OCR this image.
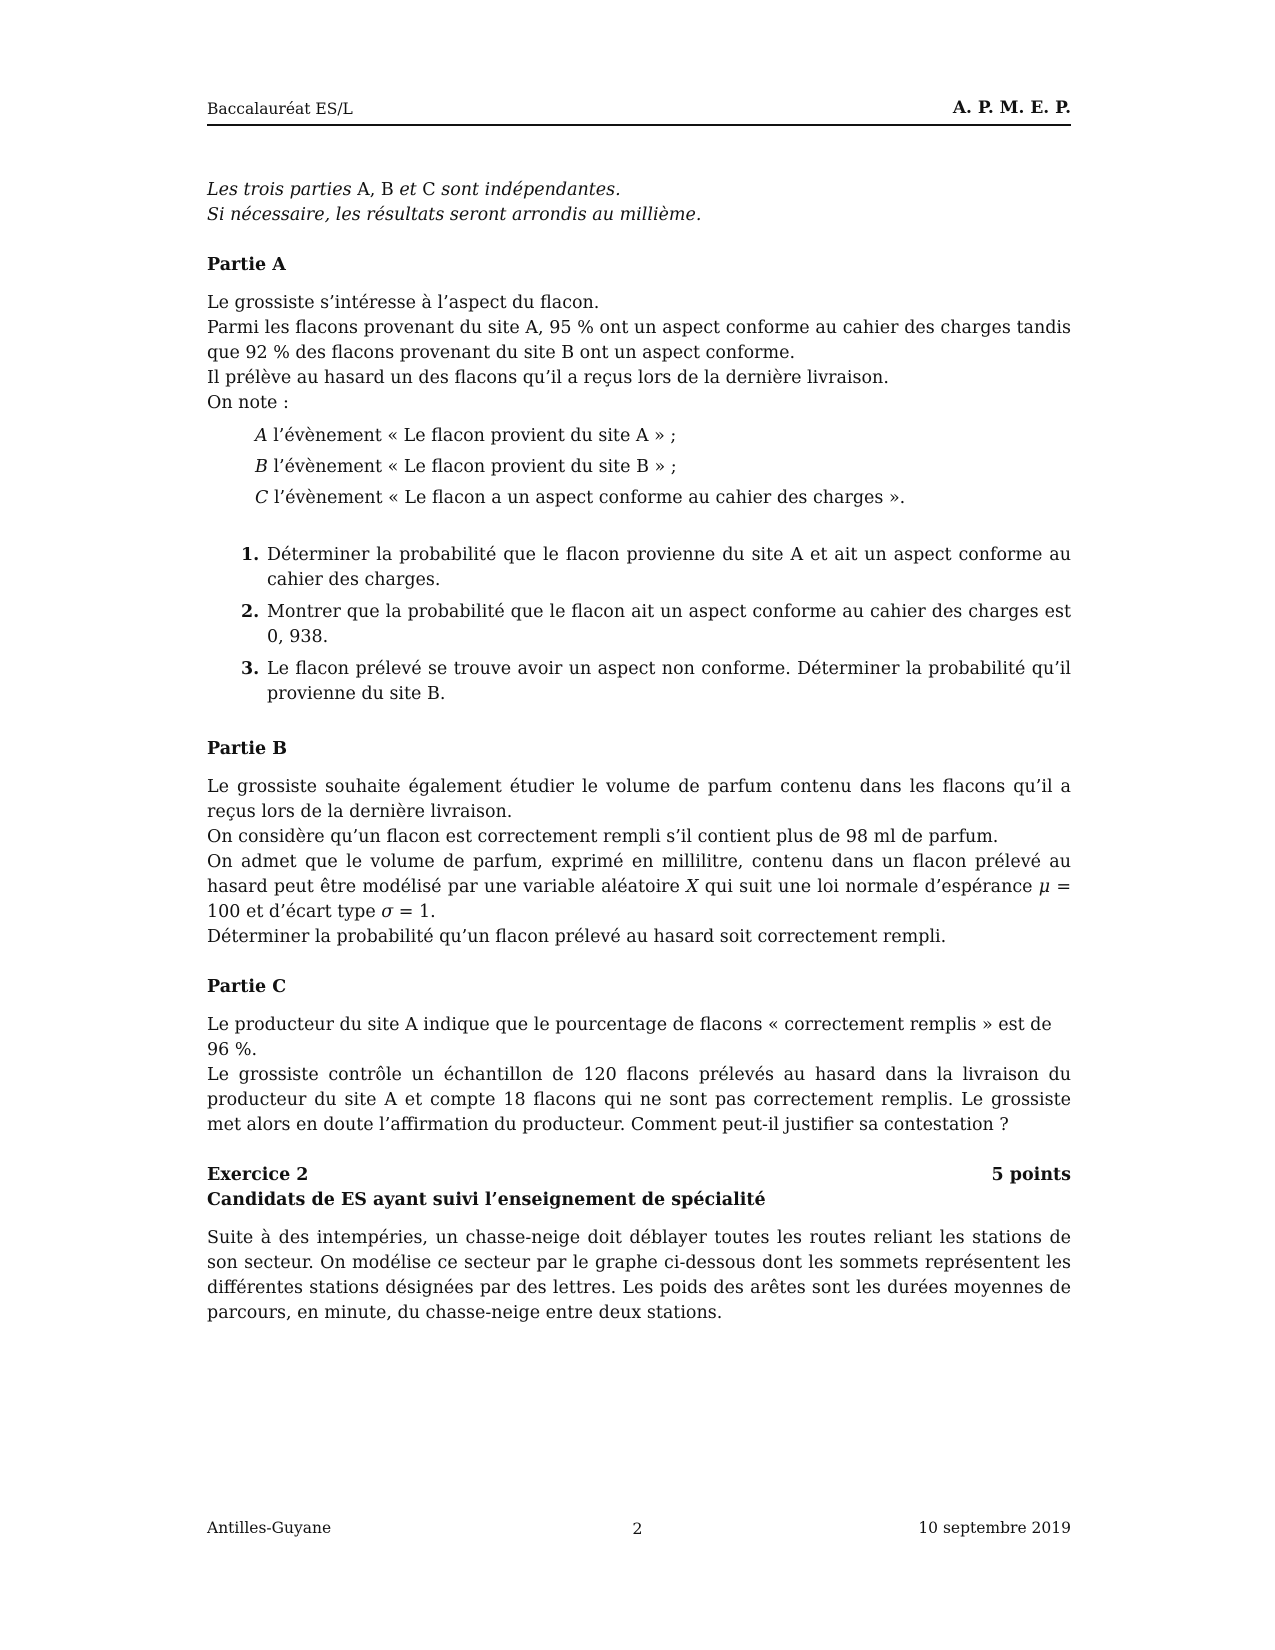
Baccalauréat ES/L	A. P. M. E. P.

Les trois parties A, B et C sont indépendantes.

Si nécessaire, les résultats seront arrondis au millième.

Partie A

Le grossiste s’intéresse à l’aspect du flacon.

Parmi les flacons provenant du site A, 95 % ont un aspect conforme au cahier des charges tandis que 92 % des flacons provenant du site B ont un aspect conforme.

Il prélève au hasard un des flacons qu’il a reçus lors de la dernière livraison.

On note :

A l’évènement « Le flacon provient du site A » ;
B l’évènement « Le flacon provient du site B » ;
C l’évènement « Le flacon a un aspect conforme au cahier des charges ».
1. Déterminer la probabilité que le flacon provienne du site A et ait un aspect conforme au cahier des charges.
2. Montrer que la probabilité que le flacon ait un aspect conforme au cahier des charges est 0, 938.
3. Le flacon prélevé se trouve avoir un aspect non conforme. Déterminer la probabilité qu’il provienne du site B.

Partie B

Le grossiste souhaite également étudier le volume de parfum contenu dans les flacons qu’il a reçus lors de la dernière livraison.

On considère qu’un flacon est correctement rempli s’il contient plus de 98 ml de parfum.

On admet que le volume de parfum, exprimé en millilitre, contenu dans un flacon prélevé au hasard peut être modélisé par une variable aléatoire X qui suit une loi normale d’espérance μ = 100 et d’écart type σ = 1.

Déterminer la probabilité qu’un flacon prélevé au hasard soit correctement rempli.

Partie C

Le producteur du site A indique que le pourcentage de flacons « correctement remplis » est de 96 %.

Le grossiste contrôle un échantillon de 120 flacons prélevés au hasard dans la livraison du producteur du site A et compte 18 flacons qui ne sont pas correctement remplis. Le grossiste met alors en doute l’affirmation du producteur. Comment peut-il justifier sa contestation ?

Exercice 2	5 points

Candidats de ES ayant suivi l’enseignement de spécialité

Suite à des intempéries, un chasse-neige doit déblayer toutes les routes reliant les stations de son secteur. On modélise ce secteur par le graphe ci-dessous dont les sommets représentent les différentes stations désignées par des lettres. Les poids des arêtes sont les durées moyennes de parcours, en minute, du chasse-neige entre deux stations.

Antilles-Guyane	2	10 septembre 2019
